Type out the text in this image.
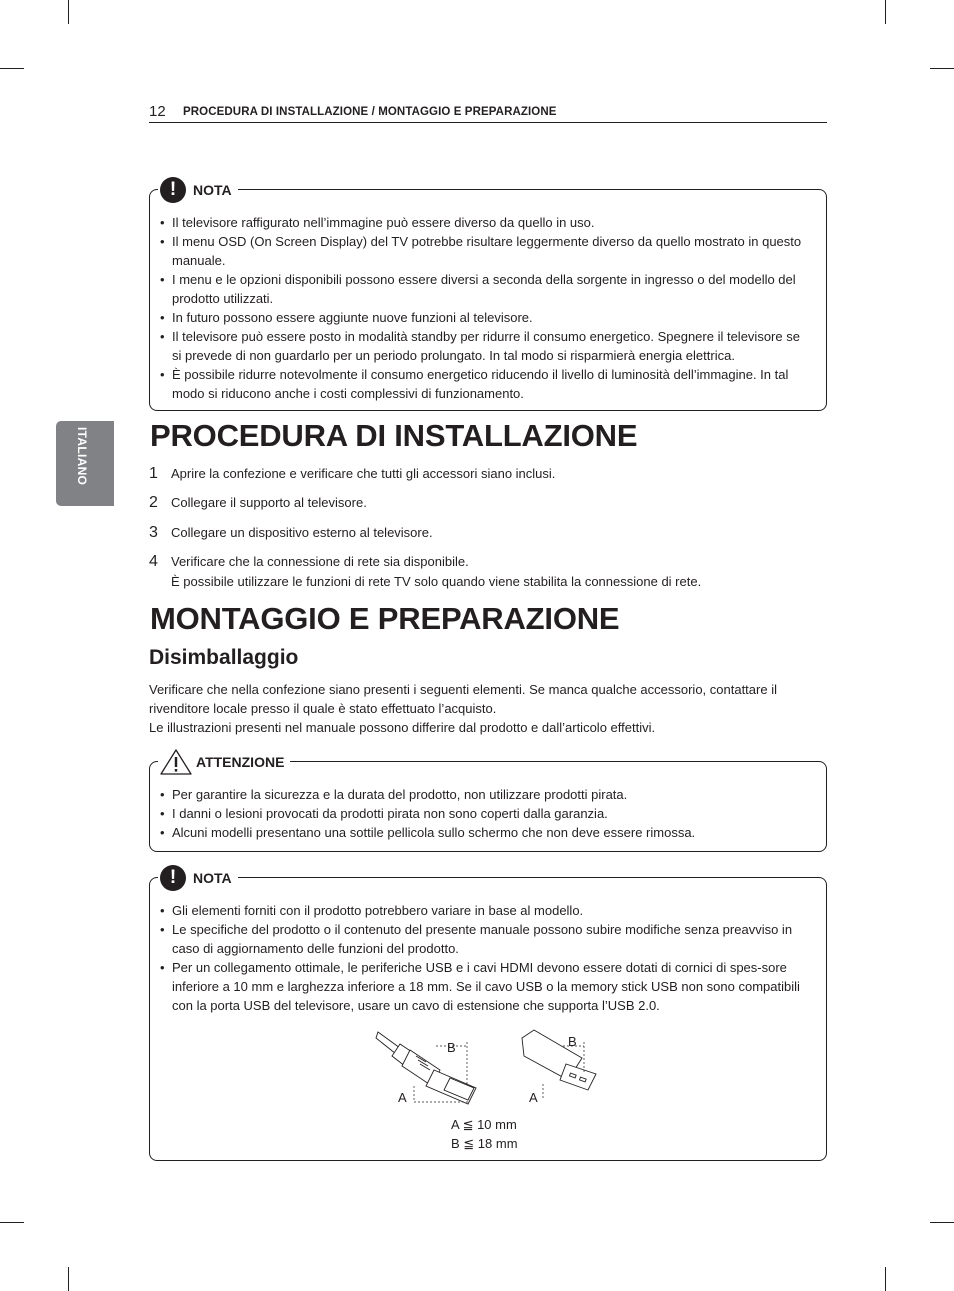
12 PROCEDURA DI INSTALLAZIONE / MONTAGGIO E PREPARAZIONE
ITALIANO
!	NOTA
• Il televisore raffigurato nell’immagine può essere diverso da quello in uso.
• Il menu OSD (On Screen Display) del TV potrebbe risultare leggermente diverso da quello mostrato in questo manuale.
• I menu e le opzioni disponibili possono essere diversi a seconda della sorgente in ingresso o del modello del prodotto utilizzati.
• In futuro possono essere aggiunte nuove funzioni al televisore.
• Il televisore può essere posto in modalità standby per ridurre il consumo energetico. Spegnere il televisore se si prevede di non guardarlo per un periodo prolungato. In tal modo si risparmierà energia elettrica.
• È possibile ridurre notevolmente il consumo energetico riducendo il livello di luminosità dell’immagine. In tal modo si riducono anche i costi complessivi di funzionamento.
PROCEDURA DI INSTALLAZIONE
1 Aprire la confezione e verificare che tutti gli accessori siano inclusi.
2 Collegare il supporto al televisore.
3 Collegare un dispositivo esterno al televisore.
4 Verificare che la connessione di rete sia disponibile.
È possibile utilizzare le funzioni di rete TV solo quando viene stabilita la connessione di rete.
MONTAGGIO E PREPARAZIONE
Disimballaggio
Verificare che nella confezione siano presenti i seguenti elementi. Se manca qualche accessorio, contattare il rivenditore locale presso il quale è stato effettuato l’acquisto.
Le illustrazioni presenti nel manuale possono differire dal prodotto e dall’articolo effettivi.
ATTENZIONE
• Per garantire la sicurezza e la durata del prodotto, non utilizzare prodotti pirata.
• I danni o lesioni provocati da prodotti pirata non sono coperti dalla garanzia.
• Alcuni modelli presentano una sottile pellicola sullo schermo che non deve essere rimossa.
!	NOTA
• Gli elementi forniti con il prodotto potrebbero variare in base al modello.
• Le specifiche del prodotto o il contenuto del presente manuale possono subire modifiche senza preavviso in caso di aggiornamento delle funzioni del prodotto.
• Per un collegamento ottimale, le periferiche USB e i cavi HDMI devono essere dotati di cornici di spes-sore inferiore a 10 mm e larghezza inferiore a 18 mm. Se il cavo USB o la memory stick USB non sono compatibili con la porta USB del televisore, usare un cavo di estensione che supporta l’USB 2.0.
B
A
B
A
A ≦ 10 mm
B ≦ 18 mm
